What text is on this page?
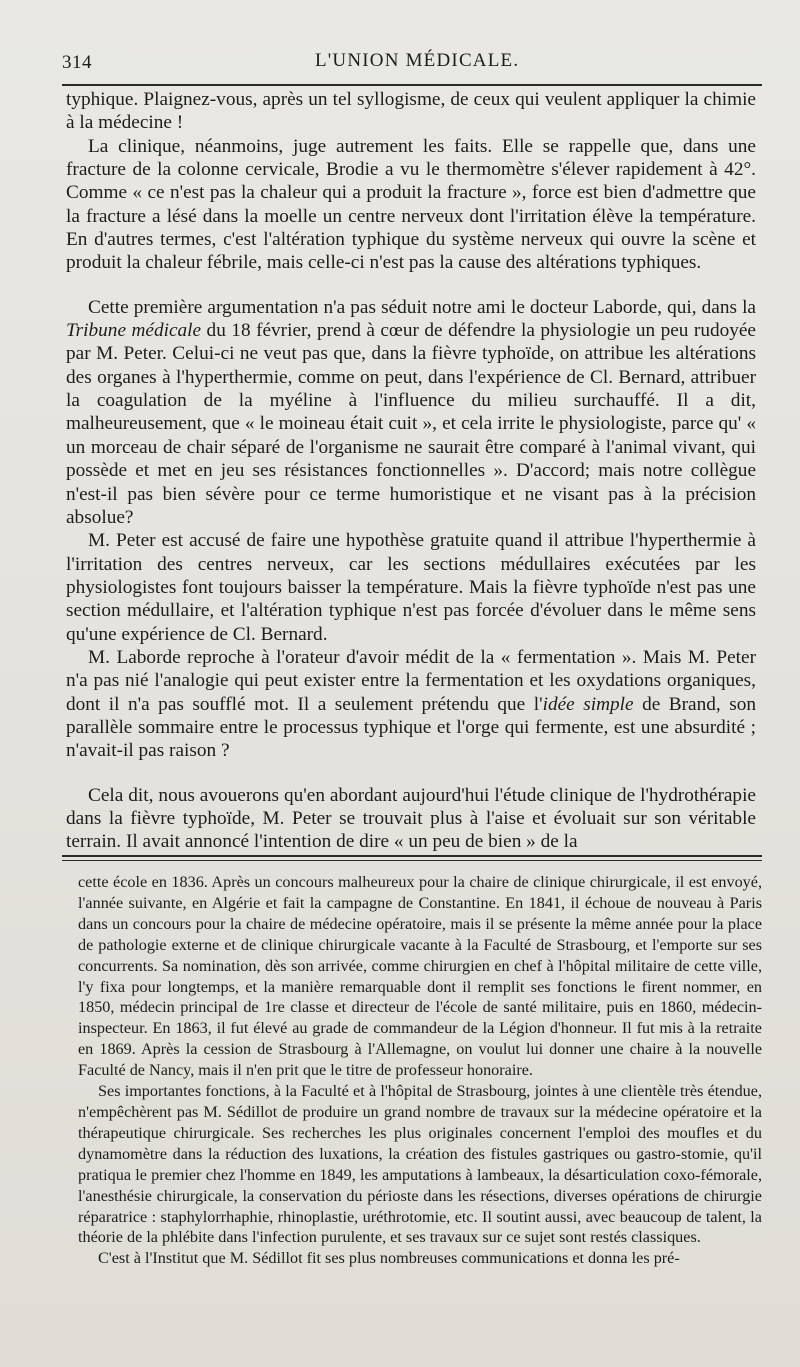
314	L'UNION MÉDICALE.

typhique. Plaignez-vous, après un tel syllogisme, de ceux qui veulent appliquer la chimie à la médecine !

La clinique, néanmoins, juge autrement les faits. Elle se rappelle que, dans une fracture de la colonne cervicale, Brodie a vu le thermomètre s'élever rapidement à 42°. Comme « ce n'est pas la chaleur qui a produit la fracture », force est bien d'admettre que la fracture a lésé dans la moelle un centre nerveux dont l'irritation élève la température. En d'autres termes, c'est l'altération typhique du système nerveux qui ouvre la scène et produit la chaleur fébrile, mais celle-ci n'est pas la cause des altérations typhiques.

Cette première argumentation n'a pas séduit notre ami le docteur Laborde, qui, dans la Tribune médicale du 18 février, prend à cœur de défendre la physiologie un peu rudoyée par M. Peter. Celui-ci ne veut pas que, dans la fièvre typhoïde, on attribue les altérations des organes à l'hyperthermie, comme on peut, dans l'expérience de Cl. Bernard, attribuer la coagulation de la myéline à l'influence du milieu surchauffé. Il a dit, malheureusement, que « le moineau était cuit », et cela irrite le physiologiste, parce qu' « un morceau de chair séparé de l'organisme ne saurait être comparé à l'animal vivant, qui possède et met en jeu ses résistances fonctionnelles ». D'accord; mais notre collègue n'est-il pas bien sévère pour ce terme humoristique et ne visant pas à la précision absolue?

M. Peter est accusé de faire une hypothèse gratuite quand il attribue l'hyperthermie à l'irritation des centres nerveux, car les sections médullaires exécutées par les physiologistes font toujours baisser la température. Mais la fièvre typhoïde n'est pas une section médullaire, et l'altération typhique n'est pas forcée d'évoluer dans le même sens qu'une expérience de Cl. Bernard.

M. Laborde reproche à l'orateur d'avoir médit de la « fermentation ». Mais M. Peter n'a pas nié l'analogie qui peut exister entre la fermentation et les oxydations organiques, dont il n'a pas soufflé mot. Il a seulement prétendu que l'idée simple de Brand, son parallèle sommaire entre le processus typhique et l'orge qui fermente, est une absurdité ; n'avait-il pas raison ?

Cela dit, nous avouerons qu'en abordant aujourd'hui l'étude clinique de l'hydrothérapie dans la fièvre typhoïde, M. Peter se trouvait plus à l'aise et évoluait sur son véritable terrain. Il avait annoncé l'intention de dire « un peu de bien » de la

cette école en 1836. Après un concours malheureux pour la chaire de clinique chirurgicale, il est envoyé, l'année suivante, en Algérie et fait la campagne de Constantine. En 1841, il échoue de nouveau à Paris dans un concours pour la chaire de médecine opératoire, mais il se présente la même année pour la place de pathologie externe et de clinique chirurgicale vacante à la Faculté de Strasbourg, et l'emporte sur ses concurrents. Sa nomination, dès son arrivée, comme chirurgien en chef à l'hôpital militaire de cette ville, l'y fixa pour longtemps, et la manière remarquable dont il remplit ses fonctions le firent nommer, en 1850, médecin principal de 1re classe et directeur de l'école de santé militaire, puis en 1860, médecin-inspecteur. En 1863, il fut élevé au grade de commandeur de la Légion d'honneur. Il fut mis à la retraite en 1869. Après la cession de Strasbourg à l'Allemagne, on voulut lui donner une chaire à la nouvelle Faculté de Nancy, mais il n'en prit que le titre de professeur honoraire.

Ses importantes fonctions, à la Faculté et à l'hôpital de Strasbourg, jointes à une clientèle très étendue, n'empêchèrent pas M. Sédillot de produire un grand nombre de travaux sur la médecine opératoire et la thérapeutique chirurgicale. Ses recherches les plus originales concernent l'emploi des moufles et du dynamomètre dans la réduction des luxations, la création des fistules gastriques ou gastro-stomie, qu'il pratiqua le premier chez l'homme en 1849, les amputations à lambeaux, la désarticulation coxo-fémorale, l'anesthésie chirurgicale, la conservation du périoste dans les résections, diverses opérations de chirurgie réparatrice : staphylorrhaphie, rhinoplastie, uréthrotomie, etc. Il soutint aussi, avec beaucoup de talent, la théorie de la phlébite dans l'infection purulente, et ses travaux sur ce sujet sont restés classiques.

C'est à l'Institut que M. Sédillot fit ses plus nombreuses communications et donna les pré-
